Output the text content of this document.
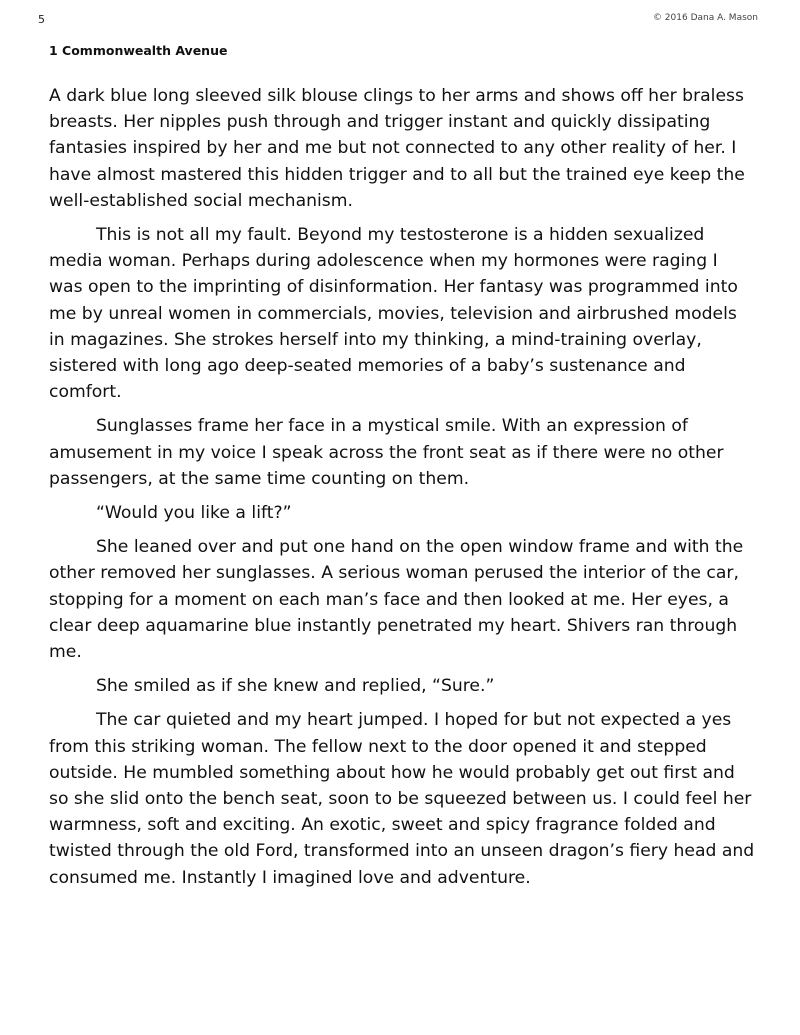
5	© 2016 Dana A. Mason
1 Commonwealth Avenue

A dark blue long sleeved silk blouse clings to her arms and shows off her braless breasts. Her nipples push through and trigger instant and quickly dissipating fantasies inspired by her and me but not connected to any other reality of her. I have almost mastered this hidden trigger and to all but the trained eye keep the well-established social mechanism.

This is not all my fault. Beyond my testosterone is a hidden sexualized media woman. Perhaps during adolescence when my hormones were raging I was open to the imprinting of disinformation. Her fantasy was programmed into me by unreal women in commercials, movies, television and airbrushed models in magazines. She strokes herself into my thinking, a mind-training overlay, sistered with long ago deep-seated memories of a baby’s sustenance and comfort.

Sunglasses frame her face in a mystical smile. With an expression of amusement in my voice I speak across the front seat as if there were no other passengers, at the same time counting on them.

“Would you like a lift?”

She leaned over and put one hand on the open window frame and with the other removed her sunglasses. A serious woman perused the interior of the car, stopping for a moment on each man’s face and then looked at me. Her eyes, a clear deep aquamarine blue instantly penetrated my heart. Shivers ran through me.

She smiled as if she knew and replied, “Sure.”

The car quieted and my heart jumped. I hoped for but not expected a yes from this striking woman. The fellow next to the door opened it and stepped outside. He mumbled something about how he would probably get out first and so she slid onto the bench seat, soon to be squeezed between us. I could feel her warmness, soft and exciting. An exotic, sweet and spicy fragrance folded and twisted through the old Ford, transformed into an unseen dragon’s fiery head and consumed me. Instantly I imagined love and adventure.
